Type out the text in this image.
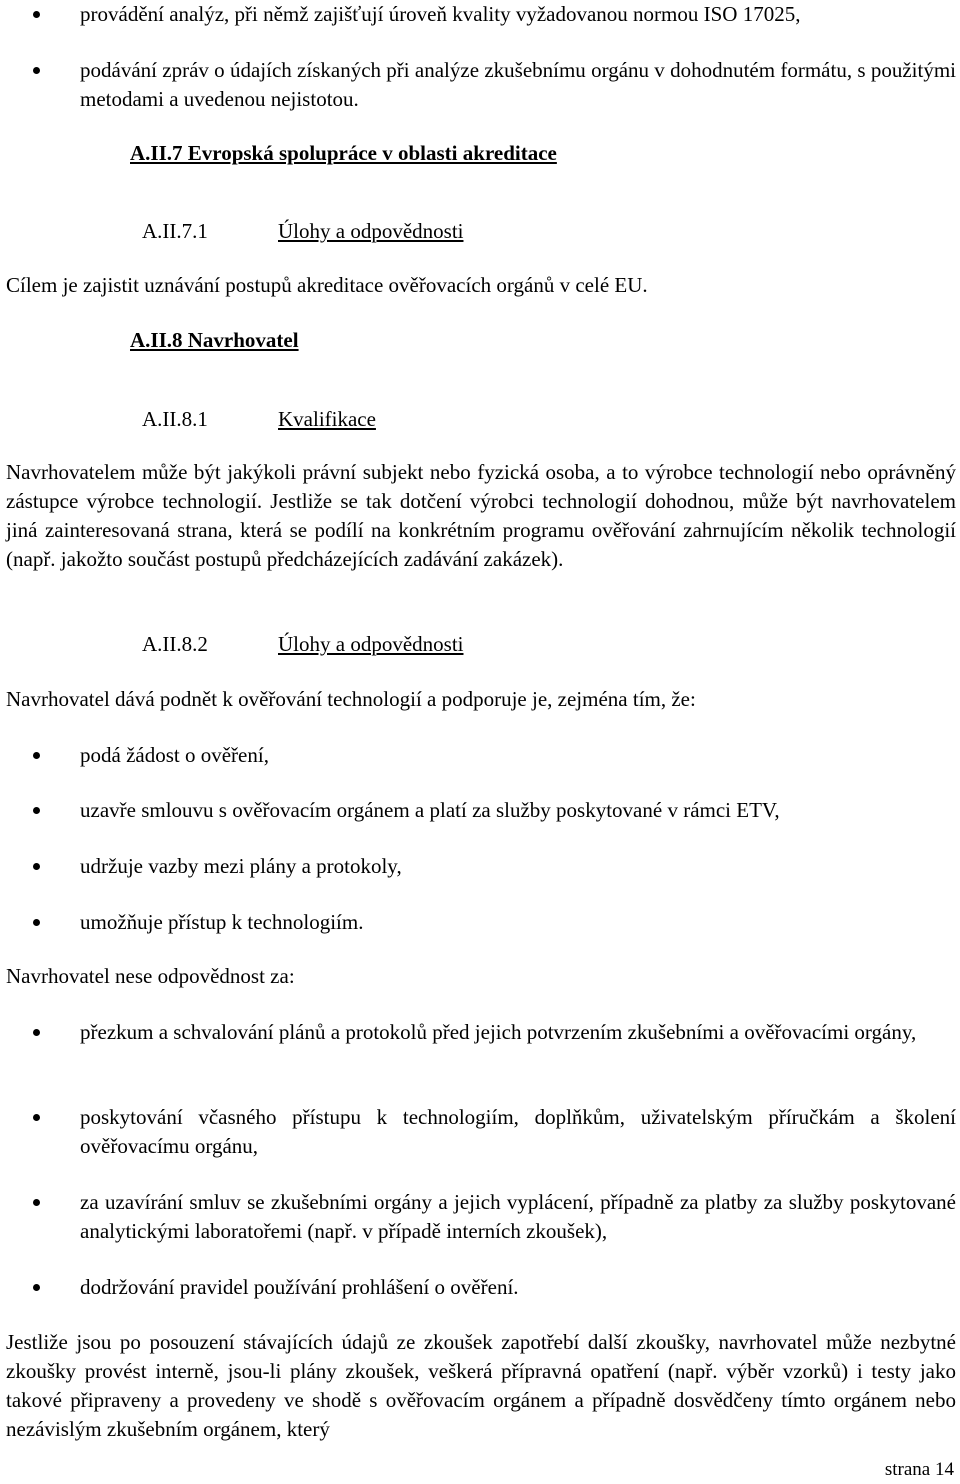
provádění analýz, při němž zajišťují úroveň kvality vyžadovanou normou ISO 17025,

podávání zpráv o údajích získaných při analýze zkušebnímu orgánu v dohodnutém formátu, s použitými metodami a uvedenou nejistotou.

A.II.7 Evropská spolupráce v oblasti akreditace
A.II.7.1	Úlohy a odpovědnosti

Cílem je zajistit uznávání postupů akreditace ověřovacích orgánů v celé EU.

A.II.8 Navrhovatel
A.II.8.1	Kvalifikace

Navrhovatelem může být jakýkoli právní subjekt nebo fyzická osoba, a to výrobce technologií nebo oprávněný zástupce výrobce technologií. Jestliže se tak dotčení výrobci technologií dohodnou, může být navrhovatelem jiná zainteresovaná strana, která se podílí na konkrétním programu ověřování zahrnujícím několik technologií (např. jakožto součást postupů předcházejících zadávání zakázek).

A.II.8.2	Úlohy a odpovědnosti

Navrhovatel dává podnět k ověřování technologií a podporuje je, zejména tím, že:

podá žádost o ověření,

uzavře smlouvu s ověřovacím orgánem a platí za služby poskytované v rámci ETV,

udržuje vazby mezi plány a protokoly,

umožňuje přístup k technologiím.

Navrhovatel nese odpovědnost za:

přezkum a schvalování plánů a protokolů před jejich potvrzením zkušebními a ověřovacími orgány,

poskytování včasného přístupu k technologiím, doplňkům, uživatelským příručkám a školení ověřovacímu orgánu,

za uzavírání smluv se zkušebními orgány a jejich vyplácení, případně za platby za služby poskytované analytickými laboratořemi (např. v případě interních zkoušek),

dodržování pravidel používání prohlášení o ověření.

Jestliže jsou po posouzení stávajících údajů ze zkoušek zapotřebí další zkoušky, navrhovatel může nezbytné zkoušky provést interně, jsou-li plány zkoušek, veškerá přípravná opatření (např. výběr vzorků) i testy jako takové připraveny a provedeny ve shodě s ověřovacím orgánem a případně dosvědčeny tímto orgánem nebo nezávislým zkušebním orgánem, který

strana 14
